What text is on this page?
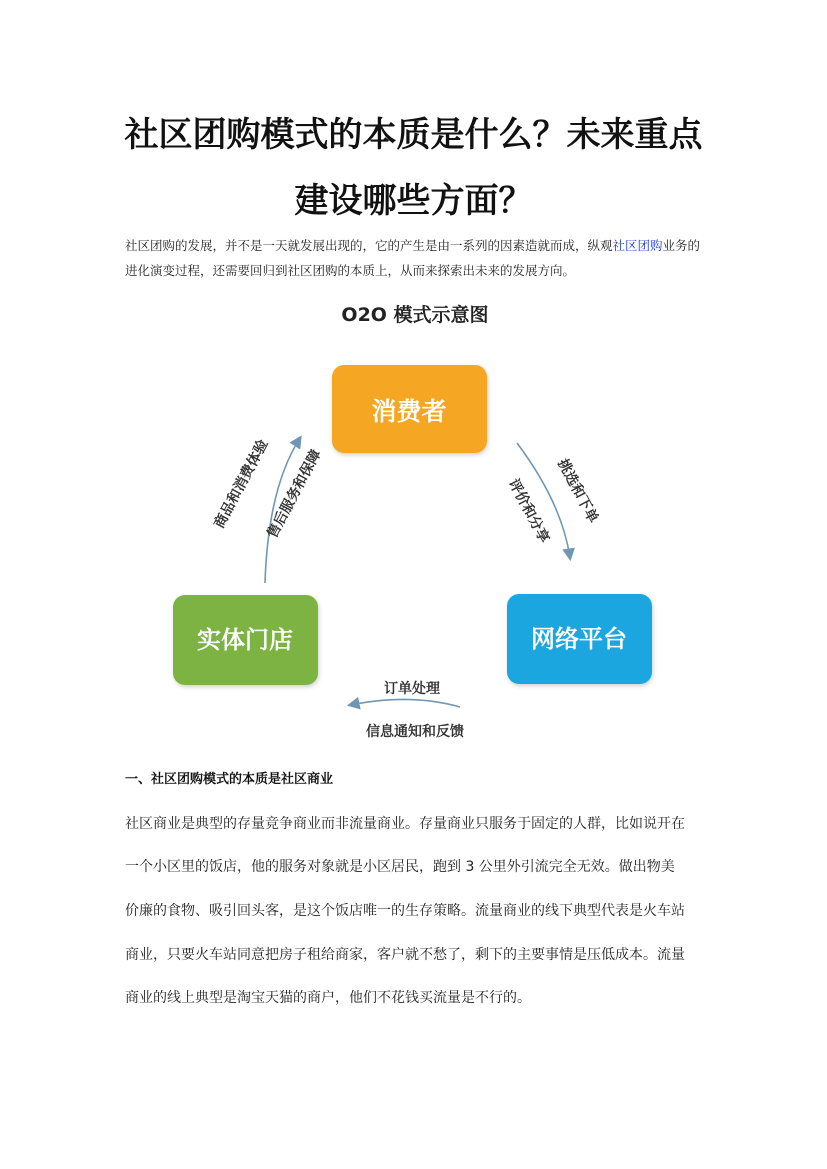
社区团购模式的本质是什么？未来重点
建设哪些方面？

社区团购的发展，并不是一天就发展出现的，它的产生是由一系列的因素造就而成，纵观社区团购业务的

进化演变过程，还需要回归到社区团购的本质上，从而来探索出未来的发展方向。

O2O 模式示意图
消费者
实体门店	网络平台
商品和消费体验
售后服务和保障	挑选和下单
评价和分享
订单处理
信息通知和反馈

一、社区团购模式的本质是社区商业

社区商业是典型的存量竞争商业而非流量商业。存量商业只服务于固定的人群，比如说开在

一个小区里的饭店，他的服务对象就是小区居民，跑到 3 公里外引流完全无效。做出物美

价廉的食物、吸引回头客，是这个饭店唯一的生存策略。流量商业的线下典型代表是火车站

商业，只要火车站同意把房子租给商家，客户就不愁了，剩下的主要事情是压低成本。流量

商业的线上典型是淘宝天猫的商户，他们不花钱买流量是不行的。
